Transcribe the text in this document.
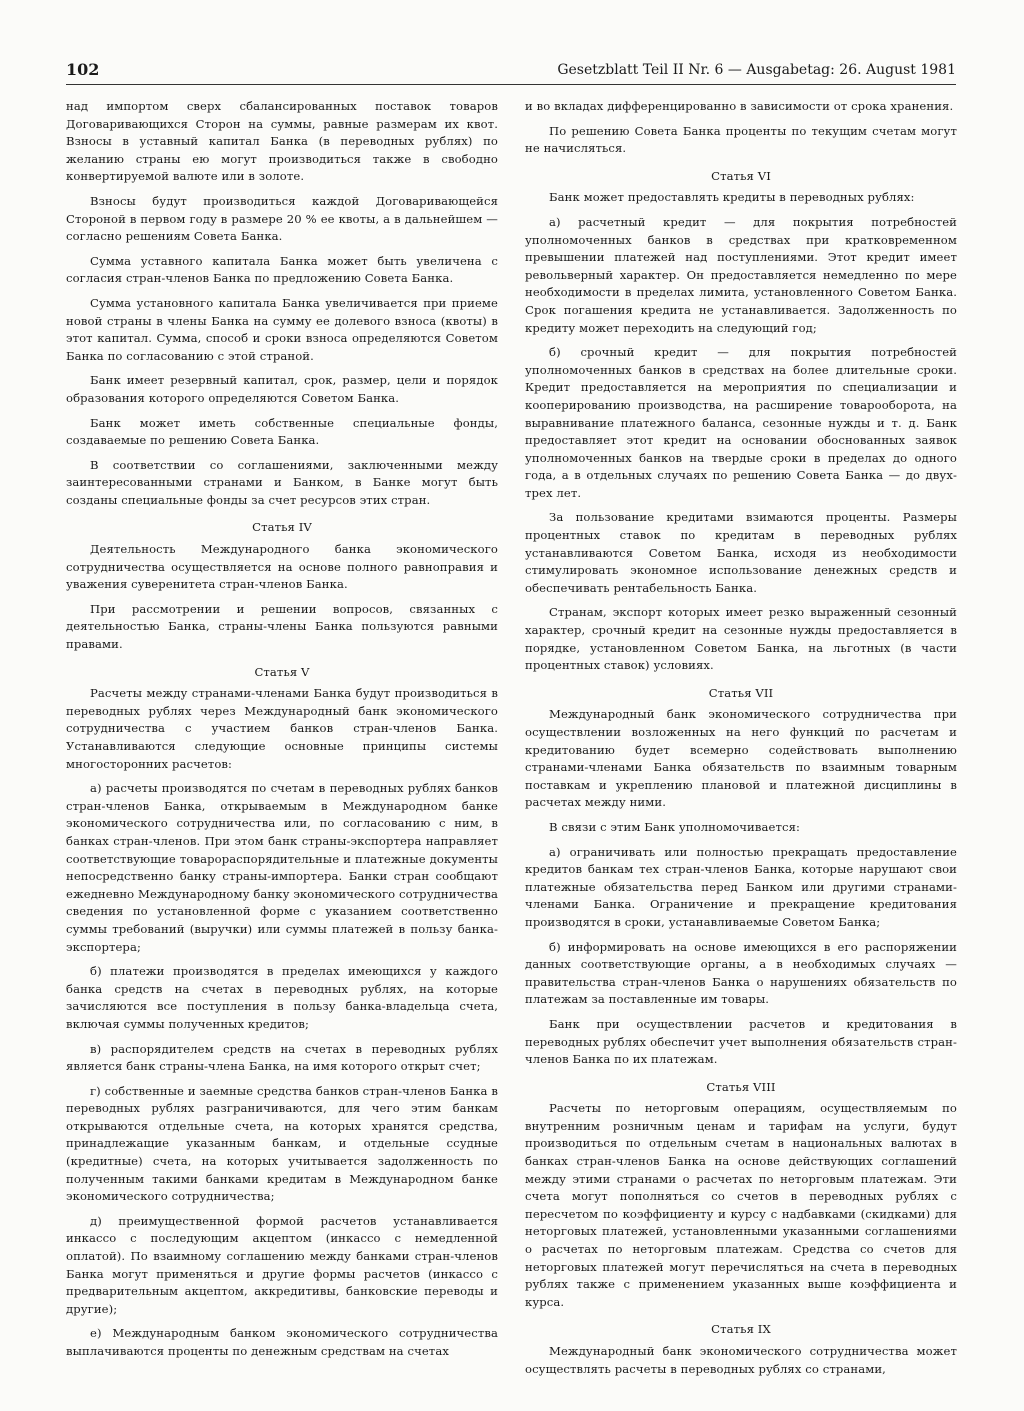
102	Gesetzblatt Teil II Nr. 6 — Ausgabetag: 26. August 1981

над импортом сверх сбалансированных поставок товаров Договаривающихся Сторон на суммы, равные размерам их квот. Взносы в уставный капитал Банка (в переводных рублях) по желанию страны ею могут производиться также в свободно конвертируемой валюте или в золоте.

Взносы будут производиться каждой Договаривающейся Стороной в первом году в размере 20 % ее квоты, а в дальнейшем — согласно решениям Совета Банка.

Сумма уставного капитала Банка может быть увеличена с согласия стран-членов Банка по предложению Совета Банка.

Сумма установного капитала Банка увеличивается при приеме новой страны в члены Банка на сумму ее долевого взноса (квоты) в этот капитал. Сумма, способ и сроки взноса определяются Советом Банка по согласованию с этой страной.

Банк имеет резервный капитал, срок, размер, цели и порядок образования которого определяются Советом Банка.

Банк может иметь собственные специальные фонды, создаваемые по решению Совета Банка.

В соответствии со соглашениями, заключенными между заинтересованными странами и Банком, в Банке могут быть созданы специальные фонды за счет ресурсов этих стран.

Статья IV

Деятельность Международного банка экономического сотрудничества осуществляется на основе полного равноправия и уважения суверенитета стран-членов Банка.

При рассмотрении и решении вопросов, связанных с деятельностью Банка, страны-члены Банка пользуются равными правами.

Статья V

Расчеты между странами-членами Банка будут производиться в переводных рублях через Международный банк экономического сотрудничества с участием банков стран-членов Банка. Устанавливаются следующие основные принципы системы многосторонних расчетов:

а) расчеты производятся по счетам в переводных рублях банков стран-членов Банка, открываемым в Международном банке экономического сотрудничества или, по согласованию с ним, в банках стран-членов. При этом банк страны-экспортера направляет соответствующие товарораспорядительные и платежные документы непосредственно банку страны-импортера. Банки стран сообщают ежедневно Международному банку экономического сотрудничества сведения по установленной форме с указанием соответственно суммы требований (выручки) или суммы платежей в пользу банка-экспортера;

б) платежи производятся в пределах имеющихся у каждого банка средств на счетах в переводных рублях, на которые зачисляются все поступления в пользу банка-владельца счета, включая суммы полученных кредитов;

в) распорядителем средств на счетах в переводных рублях является банк страны-члена Банка, на имя которого открыт счет;

г) собственные и заемные средства банков стран-членов Банка в переводных рублях разграничиваются, для чего этим банкам открываются отдельные счета, на которых хранятся средства, принадлежащие указанным банкам, и отдельные ссудные (кредитные) счета, на которых учитывается задолженность по полученным такими банками кредитам в Международном банке экономического сотрудничества;

д) преимущественной формой расчетов устанавливается инкассо с последующим акцептом (инкассо с немедленной оплатой). По взаимному соглашению между банками стран-членов Банка могут применяться и другие формы расчетов (инкассо с предварительным акцептом, аккредитивы, банковские переводы и другие);

е) Международным банком экономического сотрудничества выплачиваются проценты по денежным средствам на счетах

и во вкладах дифференцированно в зависимости от срока хранения.

По решению Совета Банка проценты по текущим счетам могут не начисляться.

Статья VI

Банк может предоставлять кредиты в переводных рублях:

а) расчетный кредит — для покрытия потребностей уполномоченных банков в средствах при кратковременном превышении платежей над поступлениями. Этот кредит имеет револьверный характер. Он предоставляется немедленно по мере необходимости в пределах лимита, установленного Советом Банка. Срок погашения кредита не устанавливается. Задолженность по кредиту может переходить на следующий год;

б) срочный кредит — для покрытия потребностей уполномоченных банков в средствах на более длительные сроки. Кредит предоставляется на мероприятия по специализации и кооперированию производства, на расширение товарооборота, на выравнивание платежного баланса, сезонные нужды и т. д. Банк предоставляет этот кредит на основании обоснованных заявок уполномоченных банков на твердые сроки в пределах до одного года, а в отдельных случаях по решению Совета Банка — до двух-трех лет.

За пользование кредитами взимаются проценты. Размеры процентных ставок по кредитам в переводных рублях устанавливаются Советом Банка, исходя из необходимости стимулировать экономное использование денежных средств и обеспечивать рентабельность Банка.

Странам, экспорт которых имеет резко выраженный сезонный характер, срочный кредит на сезонные нужды предоставляется в порядке, установленном Советом Банка, на льготных (в части процентных ставок) условиях.

Статья VII

Международный банк экономического сотрудничества при осуществлении возложенных на него функций по расчетам и кредитованию будет всемерно содействовать выполнению странами-членами Банка обязательств по взаимным товарным поставкам и укреплению плановой и платежной дисциплины в расчетах между ними.

В связи с этим Банк уполномочивается:

а) ограничивать или полностью прекращать предоставление кредитов банкам тех стран-членов Банка, которые нарушают свои платежные обязательства перед Банком или другими странами-членами Банка. Ограничение и прекращение кредитования производятся в сроки, устанавливаемые Советом Банка;

б) информировать на основе имеющихся в его распоряжении данных соответствующие органы, а в необходимых случаях — правительства стран-членов Банка о нарушениях обязательств по платежам за поставленные им товары.

Банк при осуществлении расчетов и кредитования в переводных рублях обеспечит учет выполнения обязательств стран-членов Банка по их платежам.

Статья VIII

Расчеты по неторговым операциям, осуществляемым по внутренним розничным ценам и тарифам на услуги, будут производиться по отдельным счетам в национальных валютах в банках стран-членов Банка на основе действующих соглашений между этими странами о расчетах по неторговым платежам. Эти счета могут пополняться со счетов в переводных рублях с пересчетом по коэффициенту и курсу с надбавками (скидками) для неторговых платежей, установленными указанными соглашениями о расчетах по неторговым платежам. Средства со счетов для неторговых платежей могут перечисляться на счета в переводных рублях также с применением указанных выше коэффициента и курса.

Статья IX

Международный банк экономического сотрудничества может осуществлять расчеты в переводных рублях со странами,
